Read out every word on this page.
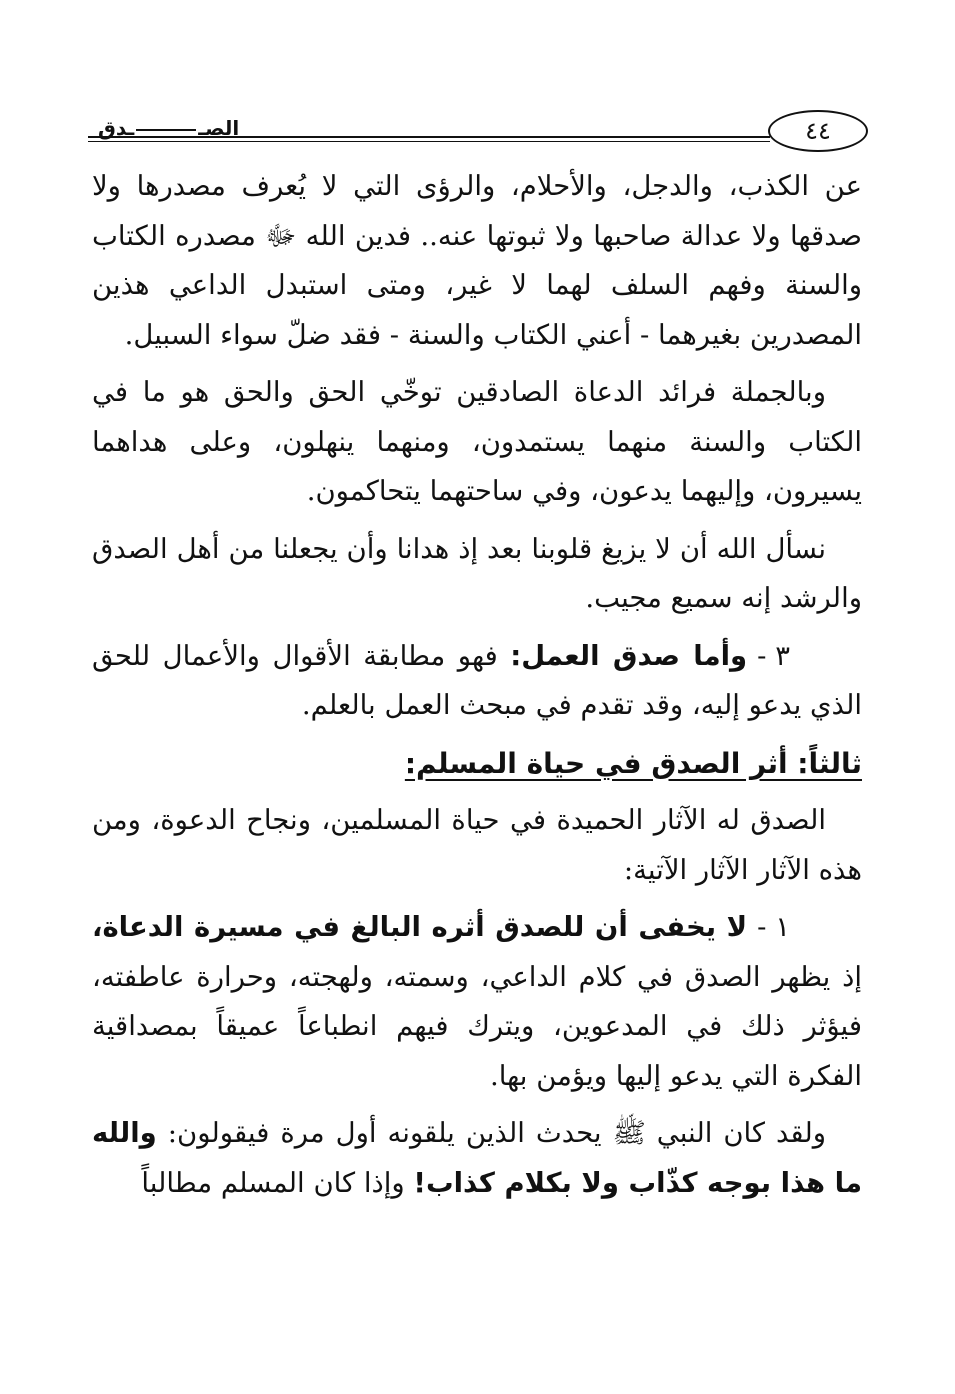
٤٤
الصــدق

عن الكذب، والدجل، والأحلام، والرؤى التي لا يُعرف مصدرها ولا صدقها ولا عدالة صاحبها ولا ثبوتها عنه.. فدين الله ﷻ مصدره الكتاب والسنة وفهم السلف لهما لا غير، ومتى استبدل الداعي هذين المصدرين بغيرهما - أعني الكتاب والسنة - فقد ضلّ سواء السبيل.

وبالجملة فرائد الدعاة الصادقين توخّي الحق والحق هو ما في الكتاب والسنة منهما يستمدون، ومنهما ينهلون، وعلى هداهما يسيرون، وإليهما يدعون، وفي ساحتهما يتحاكمون.

نسأل الله أن لا يزيغ قلوبنا بعد إذ هدانا وأن يجعلنا من أهل الصدق والرشد إنه سميع مجيب.

٣ -وأما صدق العمل: فهو مطابقة الأقوال والأعمال للحق الذي يدعو إليه، وقد تقدم في مبحث العمل بالعلم.

ثالثاً: أثر الصدق في حياة المسلم:

الصدق له الآثار الحميدة في حياة المسلمين، ونجاح الدعوة، ومن هذه الآثار الآثار الآتية:

١ -لا يخفى أن للصدق أثره البالغ في مسيرة الدعاة، إذ يظهر الصدق في كلام الداعي، وسمته، ولهجته، وحرارة عاطفته، فيؤثر ذلك في المدعوين، ويترك فيهم انطباعاً عميقاً بمصداقية الفكرة التي يدعو إليها ويؤمن بها.

ولقد كان النبي ﷺ يحدث الذين يلقونه أول مرة فيقولون: والله ما هذا بوجه كذّاب ولا بكلام كذاب! وإذا كان المسلم مطالباً
